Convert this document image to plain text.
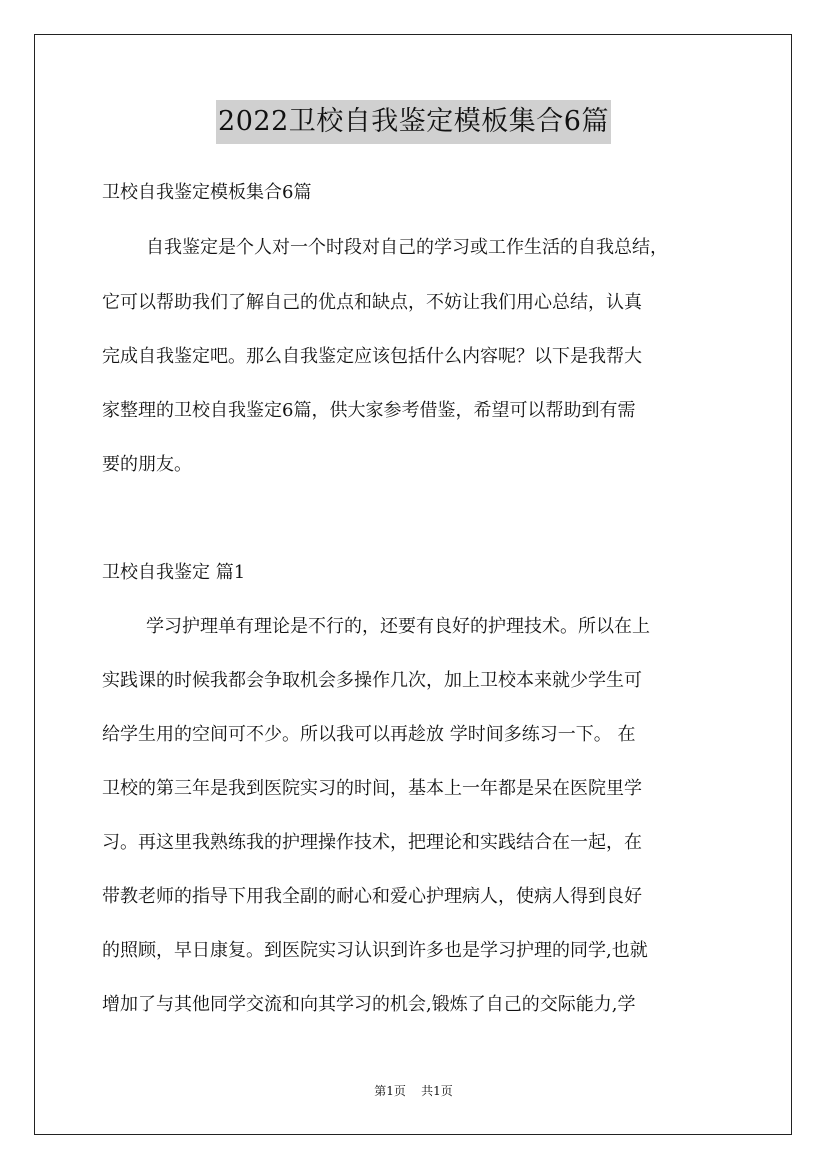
2022卫校自我鉴定模板集合6篇
卫校自我鉴定模板集合6篇
自我鉴定是个人对一个时段对自己的学习或工作生活的自我总结，
它可以帮助我们了解自己的优点和缺点，不妨让我们用心总结，认真
完成自我鉴定吧。那么自我鉴定应该包括什么内容呢？以下是我帮大
家整理的卫校自我鉴定6篇，供大家参考借鉴，希望可以帮助到有需
要的朋友。
卫校自我鉴定 篇1
学习护理单有理论是不行的，还要有良好的护理技术。所以在上
实践课的时候我都会争取机会多操作几次，加上卫校本来就少学生可
给学生用的空间可不少。所以我可以再趁放 学时间多练习一下。 在
卫校的第三年是我到医院实习的时间，基本上一年都是呆在医院里学
习。再这里我熟练我的护理操作技术，把理论和实践结合在一起，在
带教老师的指导下用我全副的耐心和爱心护理病人，使病人得到良好
的照顾，早日康复。到医院实习认识到许多也是学习护理的同学,也就
增加了与其他同学交流和向其学习的机会,锻炼了自己的交际能力,学
第1页 共1页
